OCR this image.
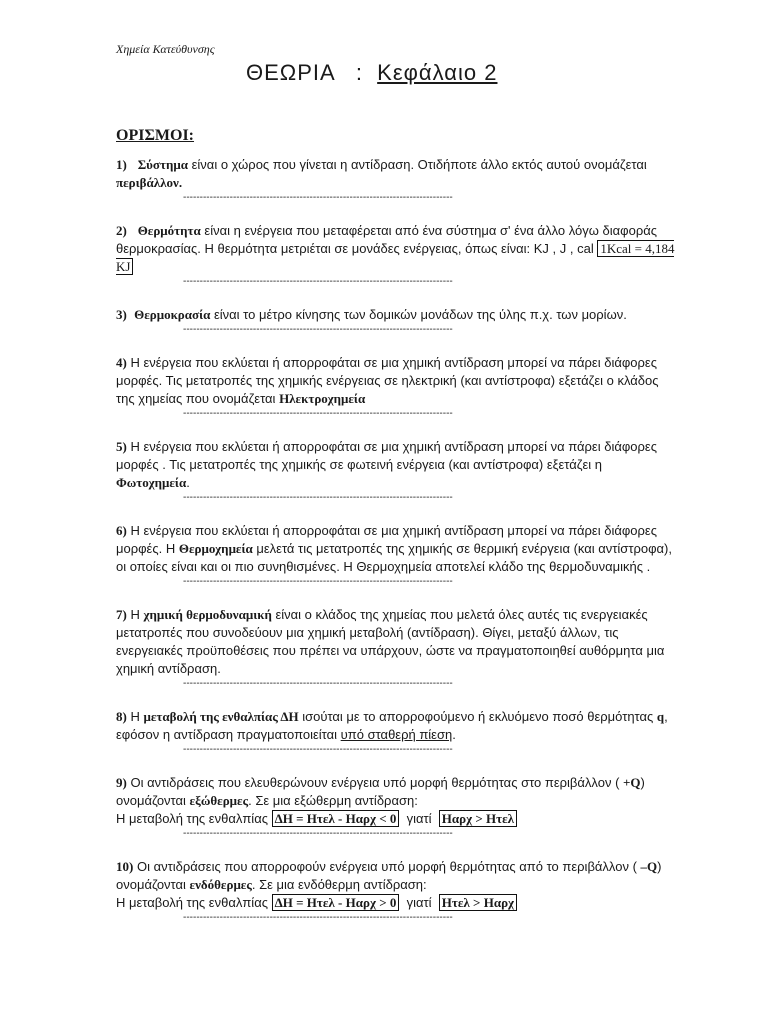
Χημεία Κατεύθυνσης
ΘΕΩΡΙΑ   :  Κεφάλαιο 2
ΟΡΙΣΜΟΙ:

1) Σύστημα είναι ο χώρος που γίνεται η αντίδραση. Οτιδήποτε άλλο εκτός αυτού ονομάζεται περιβάλλον.

---------------------------------------------------------------------------------

2) Θερμότητα είναι η ενέργεια που μεταφέρεται από ένα σύστημα σ' ένα άλλο λόγω διαφοράς θερμοκρασίας. Η θερμότητα μετριέται σε μονάδες ενέργειας, όπως είναι: KJ , J , cal 1Kcal = 4,184 KJ

---------------------------------------------------------------------------------

3) Θερμοκρασία είναι το μέτρο κίνησης των δομικών μονάδων της ύλης π.χ. των μορίων.

---------------------------------------------------------------------------------

4) Η ενέργεια που εκλύεται ή απορροφάται σε μια χημική αντίδραση μπορεί να πάρει διάφορες μορφές. Τις μετατροπές της χημικής ενέργειας σε ηλεκτρική (και αντίστροφα) εξετάζει ο κλάδος της χημείας που ονομάζεται Ηλεκτροχημεία

---------------------------------------------------------------------------------

5) Η ενέργεια που εκλύεται ή απορροφάται σε μια χημική αντίδραση μπορεί να πάρει διάφορες μορφές . Τις μετατροπές της χημικής σε φωτεινή ενέργεια (και αντίστροφα) εξετάζει η Φωτοχημεία.

---------------------------------------------------------------------------------

6) Η ενέργεια που εκλύεται ή απορροφάται σε μια χημική αντίδραση μπορεί να πάρει διάφορες μορφές. Η Θερμοχημεία μελετά τις μετατροπές της χημικής σε θερμική ενέργεια (και αντίστροφα), οι οποίες είναι και οι πιο συνηθισμένες. Η Θερμοχημεία αποτελεί κλάδο της θερμοδυναμικής .

---------------------------------------------------------------------------------

7) Η χημική θερμοδυναμική είναι ο κλάδος της χημείας που μελετά όλες αυτές τις ενεργειακές μετατροπές που συνοδεύουν μια χημική μεταβολή (αντίδραση). Θίγει, μεταξύ άλλων, τις ενεργειακές προϋποθέσεις που πρέπει να υπάρχουν, ώστε να πραγματοποιηθεί αυθόρμητα μια χημική αντίδραση.

---------------------------------------------------------------------------------

8) Η μεταβολή της ενθαλπίας ΔΗ ισούται με το απορροφούμενο ή εκλυόμενο ποσό θερμότητας q, εφόσον η αντίδραση πραγματοποιείται υπό σταθερή πίεση.

---------------------------------------------------------------------------------

9) Οι αντιδράσεις που ελευθερώνουν ενέργεια υπό μορφή θερμότητας στο περιβάλλον ( +Q) ονομάζονται εξώθερμες. Σε μια εξώθερμη αντίδραση:
Η μεταβολή της ενθαλπίας ΔΗ = Ητελ - Ηαρχ < 0  γιατί  Ηαρχ > Ητελ

---------------------------------------------------------------------------------

10) Οι αντιδράσεις που απορροφούν ενέργεια υπό μορφή θερμότητας από το περιβάλλον ( –Q) ονομάζονται ενδόθερμες. Σε μια ενδόθερμη αντίδραση:
Η μεταβολή της ενθαλπίας ΔΗ = Ητελ - Ηαρχ > 0  γιατί  Ητελ > Ηαρχ

---------------------------------------------------------------------------------
